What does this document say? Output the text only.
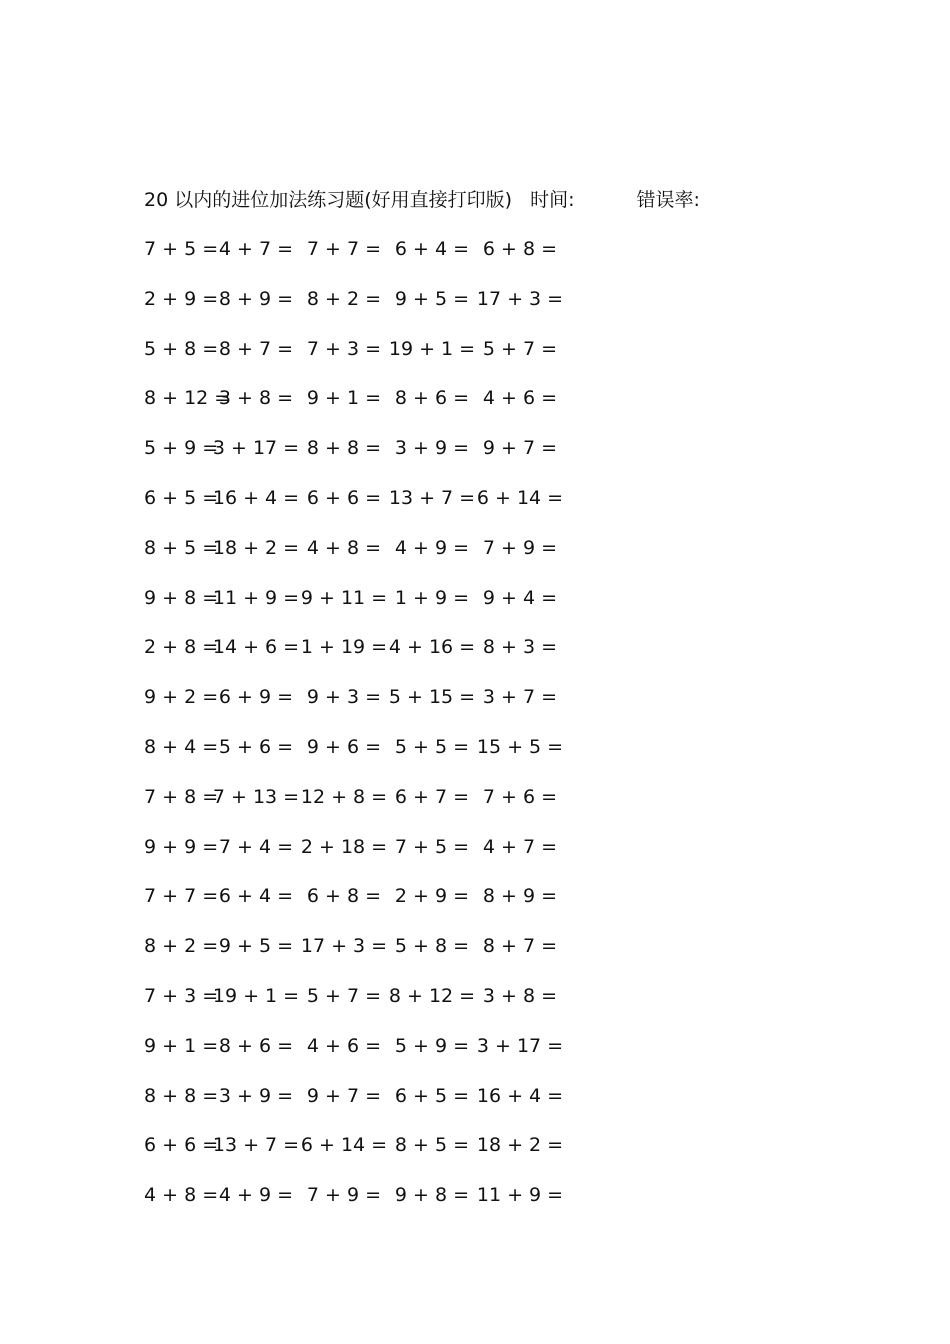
20 以内的进位加法练习题(好用直接打印版) 时间:	错误率:
7 + 5 = 4 + 7 = 7 + 7 = 6 + 4 = 6 + 8 =
2 + 9 = 8 + 9 = 8 + 2 = 9 + 5 = 17 + 3 =
5 + 8 = 8 + 7 = 7 + 3 = 19 + 1 = 5 + 7 =
8 + 12 =
3 + 8 = 9 + 1 = 8 + 6 = 4 + 6 =
5 + 9 =
3 + 17 = 8 + 8 = 3 + 9 = 9 + 7 =
6 + 5 =
16 + 4 = 6 + 6 = 13 + 7 = 6 + 14 =
8 + 5 =
18 + 2 = 4 + 8 = 4 + 9 = 7 + 9 =
9 + 8 =
11 + 9 = 9 + 11 = 1 + 9 = 9 + 4 =
2 + 8 =
14 + 6 = 1 + 19 = 4 + 16 = 8 + 3 =
9 + 2 = 6 + 9 = 9 + 3 = 5 + 15 = 3 + 7 =
8 + 4 = 5 + 6 = 9 + 6 = 5 + 5 = 15 + 5 =
7 + 8 =
7 + 13 = 12 + 8 = 6 + 7 = 7 + 6 =
9 + 9 = 7 + 4 = 2 + 18 = 7 + 5 = 4 + 7 =
7 + 7 = 6 + 4 = 6 + 8 = 2 + 9 = 8 + 9 =
8 + 2 = 9 + 5 = 17 + 3 = 5 + 8 = 8 + 7 =
7 + 3 =
19 + 1 = 5 + 7 = 8 + 12 = 3 + 8 =
9 + 1 = 8 + 6 = 4 + 6 = 5 + 9 = 3 + 17 =
8 + 8 = 3 + 9 = 9 + 7 = 6 + 5 = 16 + 4 =
6 + 6 =
13 + 7 = 6 + 14 = 8 + 5 = 18 + 2 =
4 + 8 = 4 + 9 = 7 + 9 = 9 + 8 = 11 + 9 =
